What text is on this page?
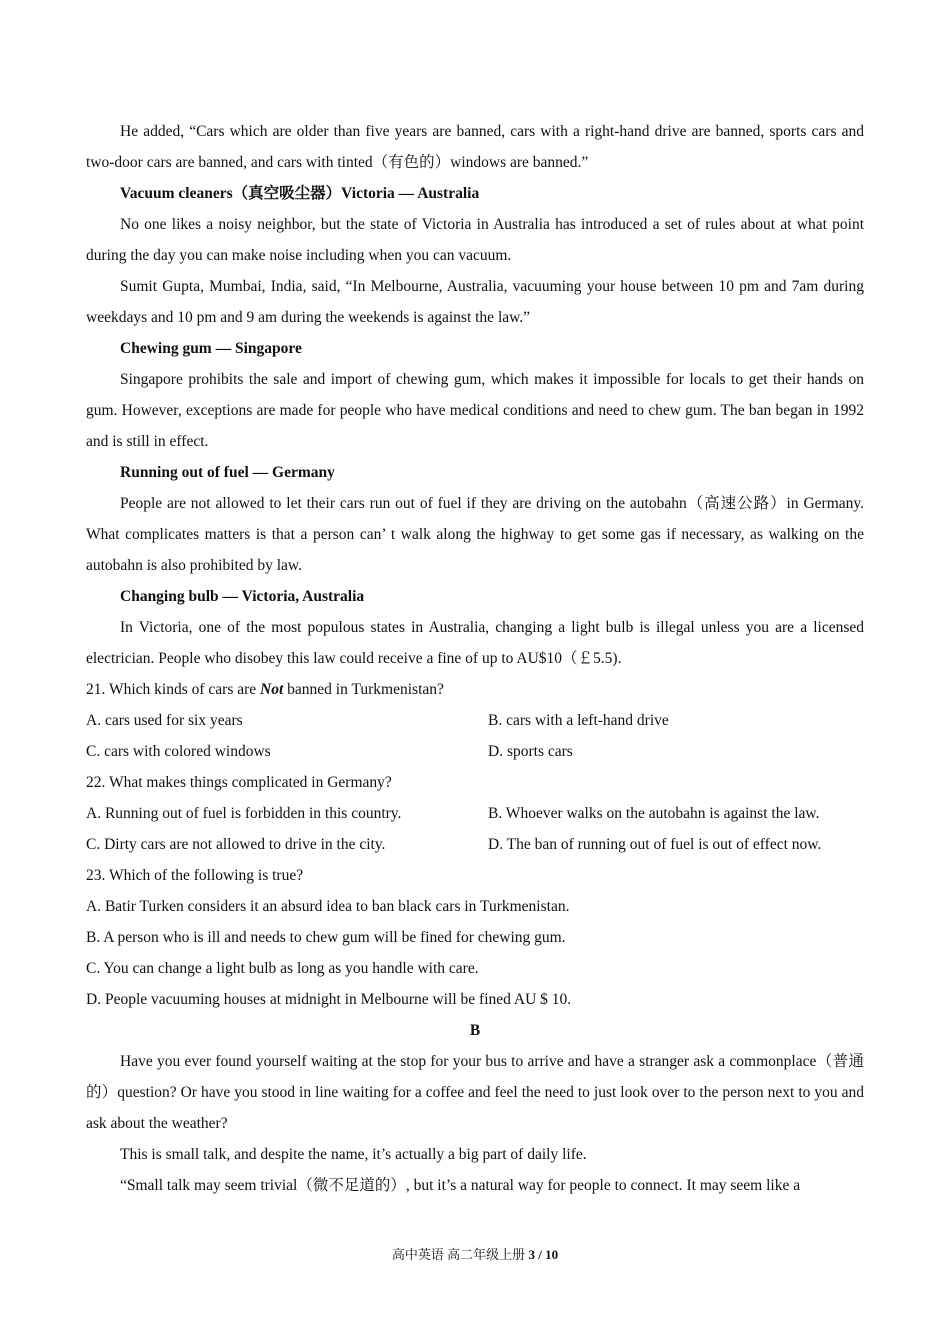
He added, “Cars which are older than five years are banned, cars with a right-hand drive are banned, sports cars and two-door cars are banned, and cars with tinted（有色的）windows are banned.”

Vacuum cleaners（真空吸尘器）Victoria — Australia

No one likes a noisy neighbor, but the state of Victoria in Australia has introduced a set of rules about at what point during the day you can make noise including when you can vacuum.

Sumit Gupta, Mumbai, India, said, “In Melbourne, Australia, vacuuming your house between 10 pm and 7am during weekdays and 10 pm and 9 am during the weekends is against the law.”

Chewing gum — Singapore

Singapore prohibits the sale and import of chewing gum, which makes it impossible for locals to get their hands on gum. However, exceptions are made for people who have medical conditions and need to chew gum. The ban began in 1992 and is still in effect.

Running out of fuel — Germany

People are not allowed to let their cars run out of fuel if they are driving on the autobahn（高速公路）in Germany. What complicates matters is that a person can’ t walk along the highway to get some gas if necessary, as walking on the autobahn is also prohibited by law.

Changing bulb — Victoria, Australia

In Victoria, one of the most populous states in Australia, changing a light bulb is illegal unless you are a licensed electrician. People who disobey this law could receive a fine of up to AU$10（￡5.5).

21. Which kinds of cars are Not banned in Turkmenistan?
A. cars used for six years	B. cars with a left-hand drive
C. cars with colored windows	D. sports cars
22. What makes things complicated in Germany?
A. Running out of fuel is forbidden in this country.	B. Whoever walks on the autobahn is against the law.
C. Dirty cars are not allowed to drive in the city.	D. The ban of running out of fuel is out of effect now.
23. Which of the following is true?
A. Batir Turken considers it an absurd idea to ban black cars in Turkmenistan.
B. A person who is ill and needs to chew gum will be fined for chewing gum.
C. You can change a light bulb as long as you handle with care.
D. People vacuuming houses at midnight in Melbourne will be fined AU $ 10.

B

Have you ever found yourself waiting at the stop for your bus to arrive and have a stranger ask a commonplace（普通的）question? Or have you stood in line waiting for a coffee and feel the need to just look over to the person next to you and ask about the weather?

This is small talk, and despite the name, it’s actually a big part of daily life.

“Small talk may seem trivial（微不足道的）, but it’s a natural way for people to connect. It may seem like a

高中英语 高二年级上册 3 / 10
